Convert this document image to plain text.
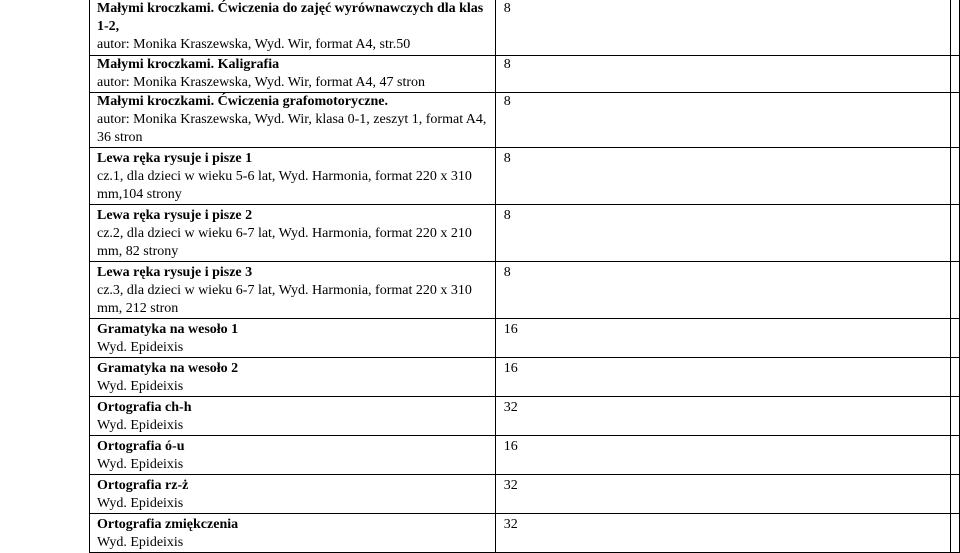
Małymi kroczkami. Ćwiczenia do zajęć wyrównawczych dla klas 1-2,
autor: Monika Kraszewska, Wyd. Wir, format A4, str.50	8	

Małymi kroczkami. Kaligrafia
autor: Monika Kraszewska, Wyd. Wir, format A4, 47 stron	8	

Małymi kroczkami. Ćwiczenia grafomotoryczne.
autor: Monika Kraszewska, Wyd. Wir, klasa 0-1, zeszyt 1, format A4, 36 stron	8	

Lewa ręka rysuje i pisze 1
cz.1, dla dzieci w wieku 5-6 lat, Wyd. Harmonia, format 220 x 310 mm,104 strony	8	

Lewa ręka rysuje i pisze 2
cz.2, dla dzieci w wieku 6-7 lat, Wyd. Harmonia, format 220 x 210 mm, 82 strony	8	

Lewa ręka rysuje i pisze 3
cz.3, dla dzieci w wieku 6-7 lat, Wyd. Harmonia, format 220 x 310 mm, 212 stron	8	

Gramatyka na wesoło 1
Wyd. Epideixis	16	

Gramatyka na wesoło 2
Wyd. Epideixis	16	

Ortografia ch-h
Wyd. Epideixis	32	

Ortografia ó-u
Wyd. Epideixis	16	

Ortografia rz-ż
Wyd. Epideixis	32	

Ortografia zmiękczenia
Wyd. Epideixis	32	
